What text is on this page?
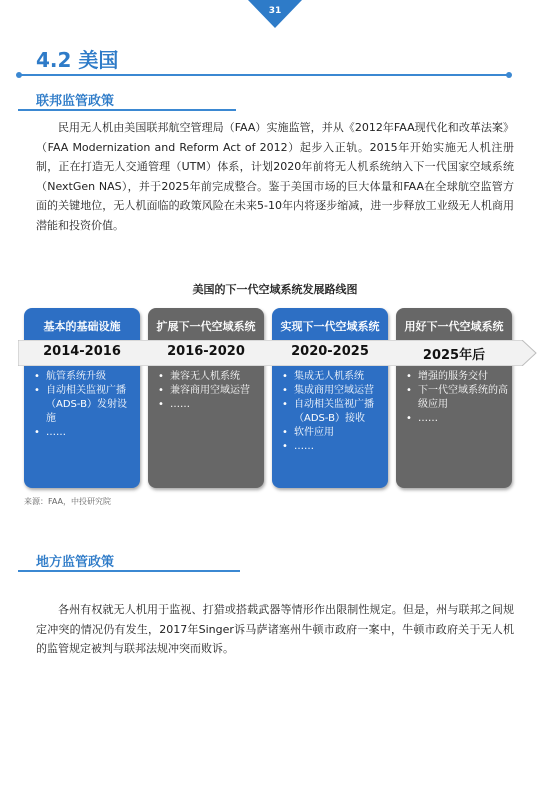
31
4.2 美国
联邦监管政策
民用无人机由美国联邦航空管理局（FAA）实施监管，并从《2012年FAA现代化和改革法案》（FAA Modernization and Reform Act of 2012）起步入正轨。2015年开始实施无人机注册制，正在打造无人交通管理（UTM）体系，计划2020年前将无人机系统纳入下一代国家空域系统（NextGen NAS），并于2025年前完成整合。鉴于美国市场的巨大体量和FAA在全球航空监管方面的关键地位，无人机面临的政策风险在未来5-10年内将逐步缩减，进一步释放工业级无人机商用潜能和投资价值。
美国的下一代空域系统发展路线图
基本的基础设施
• 航管系统升级
• 自动相关监视广播（ADS-B）发射设施
• ……
扩展下一代空域系统
• 兼容无人机系统
• 兼容商用空域运营
• ……
实现下一代空域系统
• 集成无人机系统
• 集成商用空域运营
• 自动相关监视广播（ADS-B）接收
• 软件应用
• ……
用好下一代空域系统
• 增强的服务交付
• 下一代空域系统的高级应用
• ……
2014-2016	2016-2020	2020-2025	2025年后
来源：FAA，中投研究院
地方监管政策
各州有权就无人机用于监视、打猎或搭载武器等情形作出限制性规定。但是，州与联邦之间规定冲突的情况仍有发生，2017年Singer诉马萨诸塞州牛顿市政府一案中，牛顿市政府关于无人机的监管规定被判与联邦法规冲突而败诉。
